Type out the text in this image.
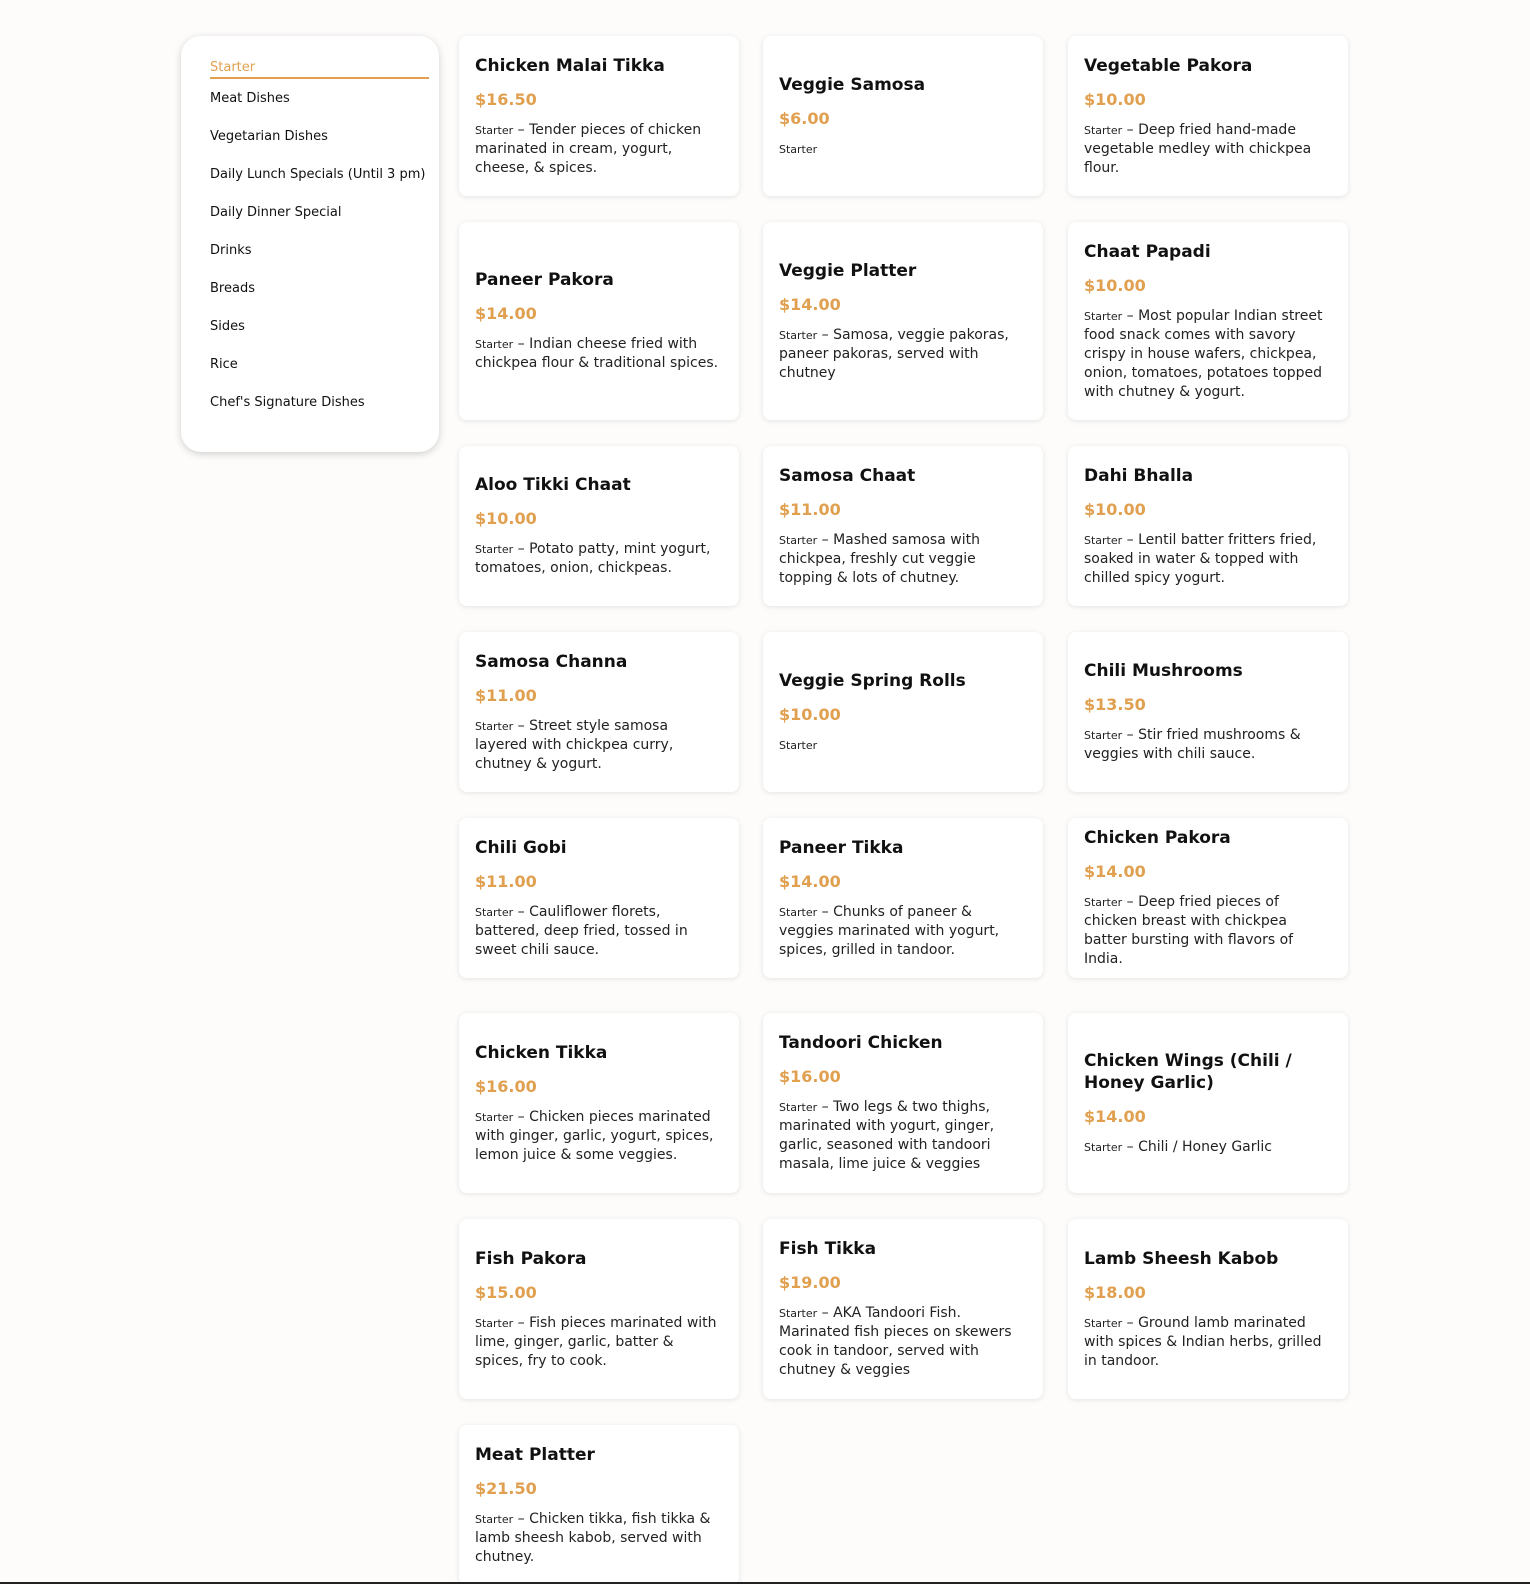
Starter
Meat Dishes
Vegetarian Dishes
Daily Lunch Specials (Until 3 pm)
Daily Dinner Special
Drinks
Breads
Sides
Rice
Chef's Signature Dishes
Chicken Malai Tikka
$16.50
Starter – Tender pieces of chicken marinated in cream, yogurt, cheese, & spices.
Veggie Samosa
$6.00
Starter
Vegetable Pakora
$10.00
Starter – Deep fried hand-made vegetable medley with chickpea flour.
Paneer Pakora
$14.00
Starter – Indian cheese fried with chickpea flour & traditional spices.
Veggie Platter
$14.00
Starter – Samosa, veggie pakoras, paneer pakoras, served with chutney
Chaat Papadi
$10.00
Starter – Most popular Indian street food snack comes with savory crispy in house wafers, chickpea, onion, tomatoes, potatoes topped with chutney & yogurt.
Aloo Tikki Chaat
$10.00
Starter – Potato patty, mint yogurt, tomatoes, onion, chickpeas.
Samosa Chaat
$11.00
Starter – Mashed samosa with chickpea, freshly cut veggie topping & lots of chutney.
Dahi Bhalla
$10.00
Starter – Lentil batter fritters fried, soaked in water & topped with chilled spicy yogurt.
Samosa Channa
$11.00
Starter – Street style samosa layered with chickpea curry, chutney & yogurt.
Veggie Spring Rolls
$10.00
Starter
Chili Mushrooms
$13.50
Starter – Stir fried mushrooms & veggies with chili sauce.
Chili Gobi
$11.00
Starter – Cauliflower florets, battered, deep fried, tossed in sweet chili sauce.
Paneer Tikka
$14.00
Starter – Chunks of paneer & veggies marinated with yogurt, spices, grilled in tandoor.
Chicken Pakora
$14.00
Starter – Deep fried pieces of chicken breast with chickpea batter bursting with flavors of India.
Chicken Tikka
$16.00
Starter – Chicken pieces marinated with ginger, garlic, yogurt, spices, lemon juice & some veggies.
Tandoori Chicken
$16.00
Starter – Two legs & two thighs, marinated with yogurt, ginger, garlic, seasoned with tandoori masala, lime juice & veggies
Chicken Wings (Chili / Honey Garlic)
$14.00
Starter – Chili / Honey Garlic
Fish Pakora
$15.00
Starter – Fish pieces marinated with lime, ginger, garlic, batter & spices, fry to cook.
Fish Tikka
$19.00
Starter – AKA Tandoori Fish. Marinated fish pieces on skewers cook in tandoor, served with chutney & veggies
Lamb Sheesh Kabob
$18.00
Starter – Ground lamb marinated with spices & Indian herbs, grilled in tandoor.
Meat Platter
$21.50
Starter – Chicken tikka, fish tikka & lamb sheesh kabob, served with chutney.
